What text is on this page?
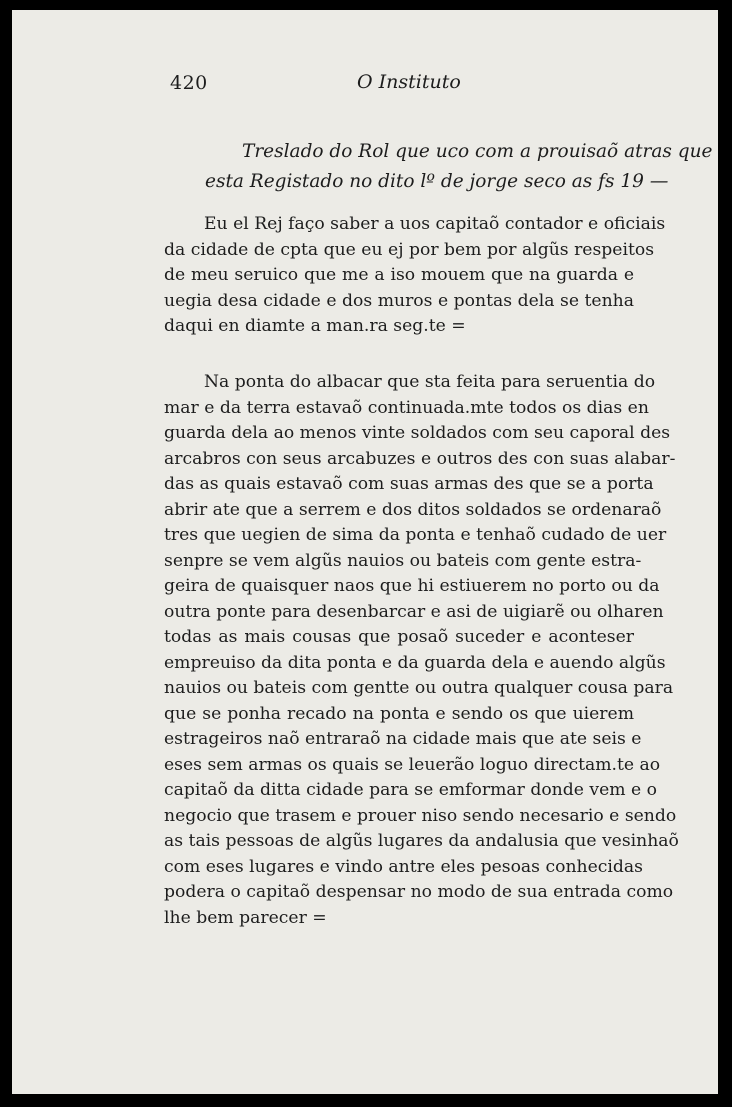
420	O Instituto
Treslado do Rol que uco com a prouisaõ atras que
esta Registado no dito lº de jorge seco as fs 19 —
Eu el Rej faço saber a uos capitaõ contador e oficiais
da cidade de cpta que eu ej por bem por algũs respeitos
de meu seruico que me a iso mouem que na guarda e
uegia desa cidade e dos muros e pontas dela se tenha
daqui en diamte a man.ra seg.te =
Na ponta do albacar que sta feita para seruentia do
mar e da terra estavaõ continuada.mte todos os dias en
guarda dela ao menos vinte soldados com seu caporal des
arcabros con seus arcabuzes e outros des con suas alabar-
das as quais estavaõ com suas armas des que se a porta
abrir ate que a serrem e dos ditos soldados se ordenaraõ
tres que uegien de sima da ponta e tenhaõ cudado de uer
senpre se vem algũs nauios ou bateis com gente estra-
geira de quaisquer naos que hi estiuerem no porto ou da
outra ponte para desenbarcar e asi de uigiarẽ ou olharen
todas as mais cousas que posaõ suceder e aconteser
empreuiso da dita ponta e da guarda dela e auendo algũs
nauios ou bateis com gentte ou outra qualquer cousa para
que se ponha recado na ponta e sendo os que uierem
estrageiros naõ entraraõ na cidade mais que ate seis e
eses sem armas os quais se leuerão loguo directam.te ao
capitaõ da ditta cidade para se emformar donde vem e o
negocio que trasem e prouer niso sendo necesario e sendo
as tais pessoas de algũs lugares da andalusia que vesinhaõ
com eses lugares e vindo antre eles pesoas conhecidas
podera o capitaõ despensar no modo de sua entrada como
lhe bem parecer =
